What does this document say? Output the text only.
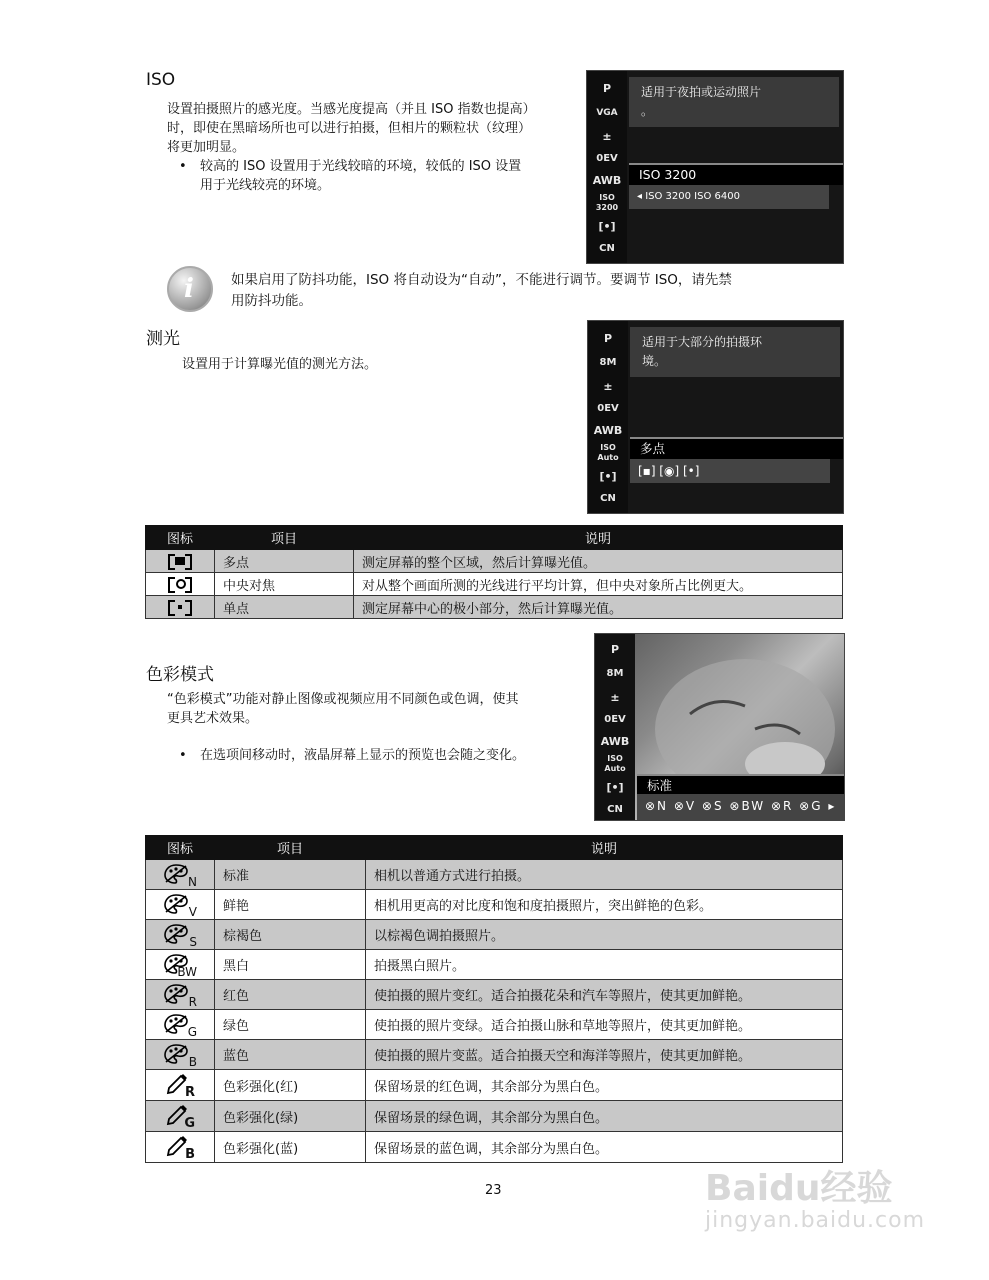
ISO
设置拍摄照片的感光度。当感光度提高（并且 ISO 指数也提高）
时，即使在黑暗场所也可以进行拍摄，但相片的颗粒状（纹理）
将更加明显。
• 较高的 ISO 设置用于光线较暗的环境，较低的 ISO 设置
用于光线较亮的环境。
P
VGA
±
0EV
AWB
ISO 3200
[•]
CN
适用于夜拍或运动照片
。
ISO 3200
◂ ISO 3200 ISO 6400
i	如果启用了防抖功能，ISO 将自动设为“自动”，不能进行调节。要调节 ISO，请先禁
用防抖功能。
测光
设置用于计算曝光值的测光方法。
P
8M
±
0EV
AWB
ISO Auto
[•]
CN
适用于大部分的拍摄环
境。
多点
[▪] [◉] [•]
图标	项目	说明

	多点	测定屏幕的整个区域，然后计算曝光值。

	中央对焦	对从整个画面所测的光线进行平均计算，但中央对象所占比例更大。

	单点	测定屏幕中心的极小部分，然后计算曝光值。
色彩模式
“色彩模式”功能对静止图像或视频应用不同颜色或色调，使其
更具艺术效果。
• 在选项间移动时，液晶屏幕上显示的预览也会随之变化。
P
8M
±
0EV
AWB
ISO Auto
[•]
CN
标准
⊗N ⊗V ⊗S ⊗BW ⊗R ⊗G ▸
图标	项目	说明

N	标准	相机以普通方式进行拍摄。

V	鲜艳	相机用更高的对比度和饱和度拍摄照片，突出鲜艳的色彩。

S	棕褐色	以棕褐色调拍摄照片。

BW	黑白	拍摄黑白照片。

R	红色	使拍摄的照片变红。适合拍摄花朵和汽车等照片，使其更加鲜艳。

G	绿色	使拍摄的照片变绿。适合拍摄山脉和草地等照片，使其更加鲜艳。

B	蓝色	使拍摄的照片变蓝。适合拍摄天空和海洋等照片，使其更加鲜艳。

R	色彩强化(红)	保留场景的红色调，其余部分为黑白色。

G	色彩强化(绿)	保留场景的绿色调，其余部分为黑白色。

B	色彩强化(蓝)	保留场景的蓝色调，其余部分为黑白色。
23	Baidu经验
jingyan.baidu.com
